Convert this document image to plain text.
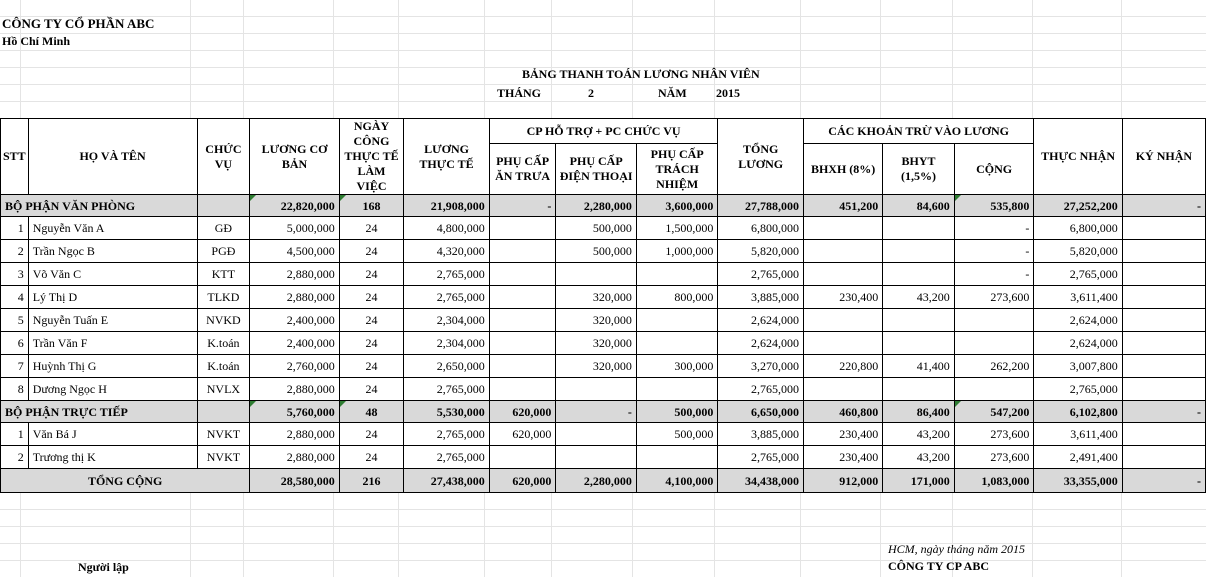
CÔNG TY CỔ PHẦN ABC
Hồ Chí Minh
BẢNG THANH TOÁN LƯƠNG NHÂN VIÊN
THÁNG	2	NĂM 2015
STT	HỌ VÀ TÊN	CHỨC VỤ	LƯƠNG CƠ BẢN	NGÀY CÔNG THỰC TẾ LÀM VIỆC	LƯƠNG THỰC TẾ	CP HỖ TRỢ + PC CHỨC VỤ			TỔNG LƯƠNG	CÁC KHOẢN TRỪ VÀO LƯƠNG			THỰC NHẬN	KÝ NHẬN
						PHỤ CẤP ĂN TRƯA	PHỤ CẤP ĐIỆN THOẠI	PHỤ CẤP TRÁCH NHIỆM		BHXH (8%)	BHYT (1,5%)	CỘNG		
BỘ PHẬN VĂN PHÒNG			22,820,000	168	21,908,000	-	2,280,000	3,600,000	27,788,000	451,200	84,600	535,800	27,252,200	-
1	Nguyễn Văn A	GĐ	5,000,000	24	4,800,000		500,000	1,500,000	6,800,000			-	6,800,000	
2	Trần Ngọc B	PGĐ	4,500,000	24	4,320,000		500,000	1,000,000	5,820,000			-	5,820,000	
3	Võ Văn C	KTT	2,880,000	24	2,765,000				2,765,000			-	2,765,000	
4	Lý Thị D	TLKD	2,880,000	24	2,765,000		320,000	800,000	3,885,000	230,400	43,200	273,600	3,611,400	
5	Nguyễn Tuấn E	NVKD	2,400,000	24	2,304,000		320,000		2,624,000				2,624,000	
6	Trần Văn F	K.toán	2,400,000	24	2,304,000		320,000		2,624,000				2,624,000	
7	Huỳnh Thị G	K.toán	2,760,000	24	2,650,000		320,000	300,000	3,270,000	220,800	41,400	262,200	3,007,800	
8	Dương Ngọc H	NVLX	2,880,000	24	2,765,000				2,765,000				2,765,000	
BỘ PHẬN TRỰC TIẾP			5,760,000	48	5,530,000	620,000	-	500,000	6,650,000	460,800	86,400	547,200	6,102,800	-
1	Văn Bá J	NVKT	2,880,000	24	2,765,000	620,000		500,000	3,885,000	230,400	43,200	273,600	3,611,400	
2	Trương thị K	NVKT	2,880,000	24	2,765,000				2,765,000	230,400	43,200	273,600	2,491,400	
TỔNG CỘNG			28,580,000	216	27,438,000	620,000	2,280,000	4,100,000	34,438,000	912,000	171,000	1,083,000	33,355,000	-
HCM, ngày tháng năm 2015
CÔNG TY CP ABC
Người lập
